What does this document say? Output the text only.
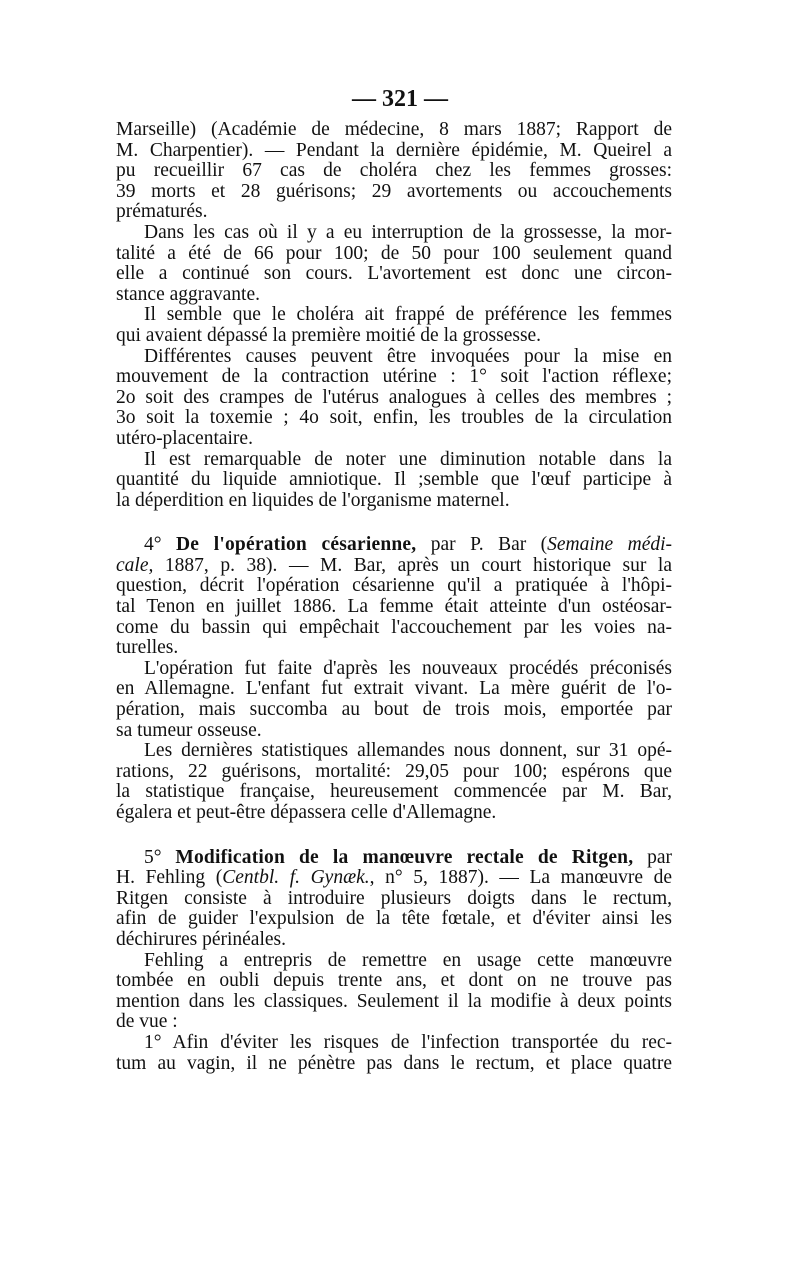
— 321 —
Marseille) (Académie de médecine, 8 mars 1887; Rapport de
M. Charpentier). — Pendant la dernière épidémie, M. Queirel a
pu recueillir 67 cas de choléra chez les femmes grosses:
39 morts et 28 guérisons; 29 avortements ou accouchements
prématurés.
Dans les cas où il y a eu interruption de la grossesse, la mor-
talité a été de 66 pour 100; de 50 pour 100 seulement quand
elle a continué son cours. L'avortement est donc une circon-
stance aggravante.
Il semble que le choléra ait frappé de préférence les femmes
qui avaient dépassé la première moitié de la grossesse.
Différentes causes peuvent être invoquées pour la mise en
mouvement de la contraction utérine : 1° soit l'action réflexe;
2o soit des crampes de l'utérus analogues à celles des membres ;
3o soit la toxemie ; 4o soit, enfin, les troubles de la circulation
utéro-placentaire.
Il est remarquable de noter une diminution notable dans la
quantité du liquide amniotique. Il ;semble que l'œuf participe à
la déperdition en liquides de l'organisme maternel.
4° De l'opération césarienne, par P. Bar (Semaine médi-
cale, 1887, p. 38). — M. Bar, après un court historique sur la
question, décrit l'opération césarienne qu'il a pratiquée à l'hôpi-
tal Tenon en juillet 1886. La femme était atteinte d'un ostéosar-
come du bassin qui empêchait l'accouchement par les voies na-
turelles.
L'opération fut faite d'après les nouveaux procédés préconisés
en Allemagne. L'enfant fut extrait vivant. La mère guérit de l'o-
pération, mais succomba au bout de trois mois, emportée par
sa tumeur osseuse.
Les dernières statistiques allemandes nous donnent, sur 31 opé-
rations, 22 guérisons, mortalité: 29,05 pour 100; espérons que
la statistique française, heureusement commencée par M. Bar,
égalera et peut-être dépassera celle d'Allemagne.
5° Modification de la manœuvre rectale de Ritgen, par
H. Fehling (Centbl. f. Gynæk., n° 5, 1887). — La manœuvre de
Ritgen consiste à introduire plusieurs doigts dans le rectum,
afin de guider l'expulsion de la tête fœtale, et d'éviter ainsi les
déchirures périnéales.
Fehling a entrepris de remettre en usage cette manœuvre
tombée en oubli depuis trente ans, et dont on ne trouve pas
mention dans les classiques. Seulement il la modifie à deux points
de vue :
1° Afin d'éviter les risques de l'infection transportée du rec-
tum au vagin, il ne pénètre pas dans le rectum, et place quatre
